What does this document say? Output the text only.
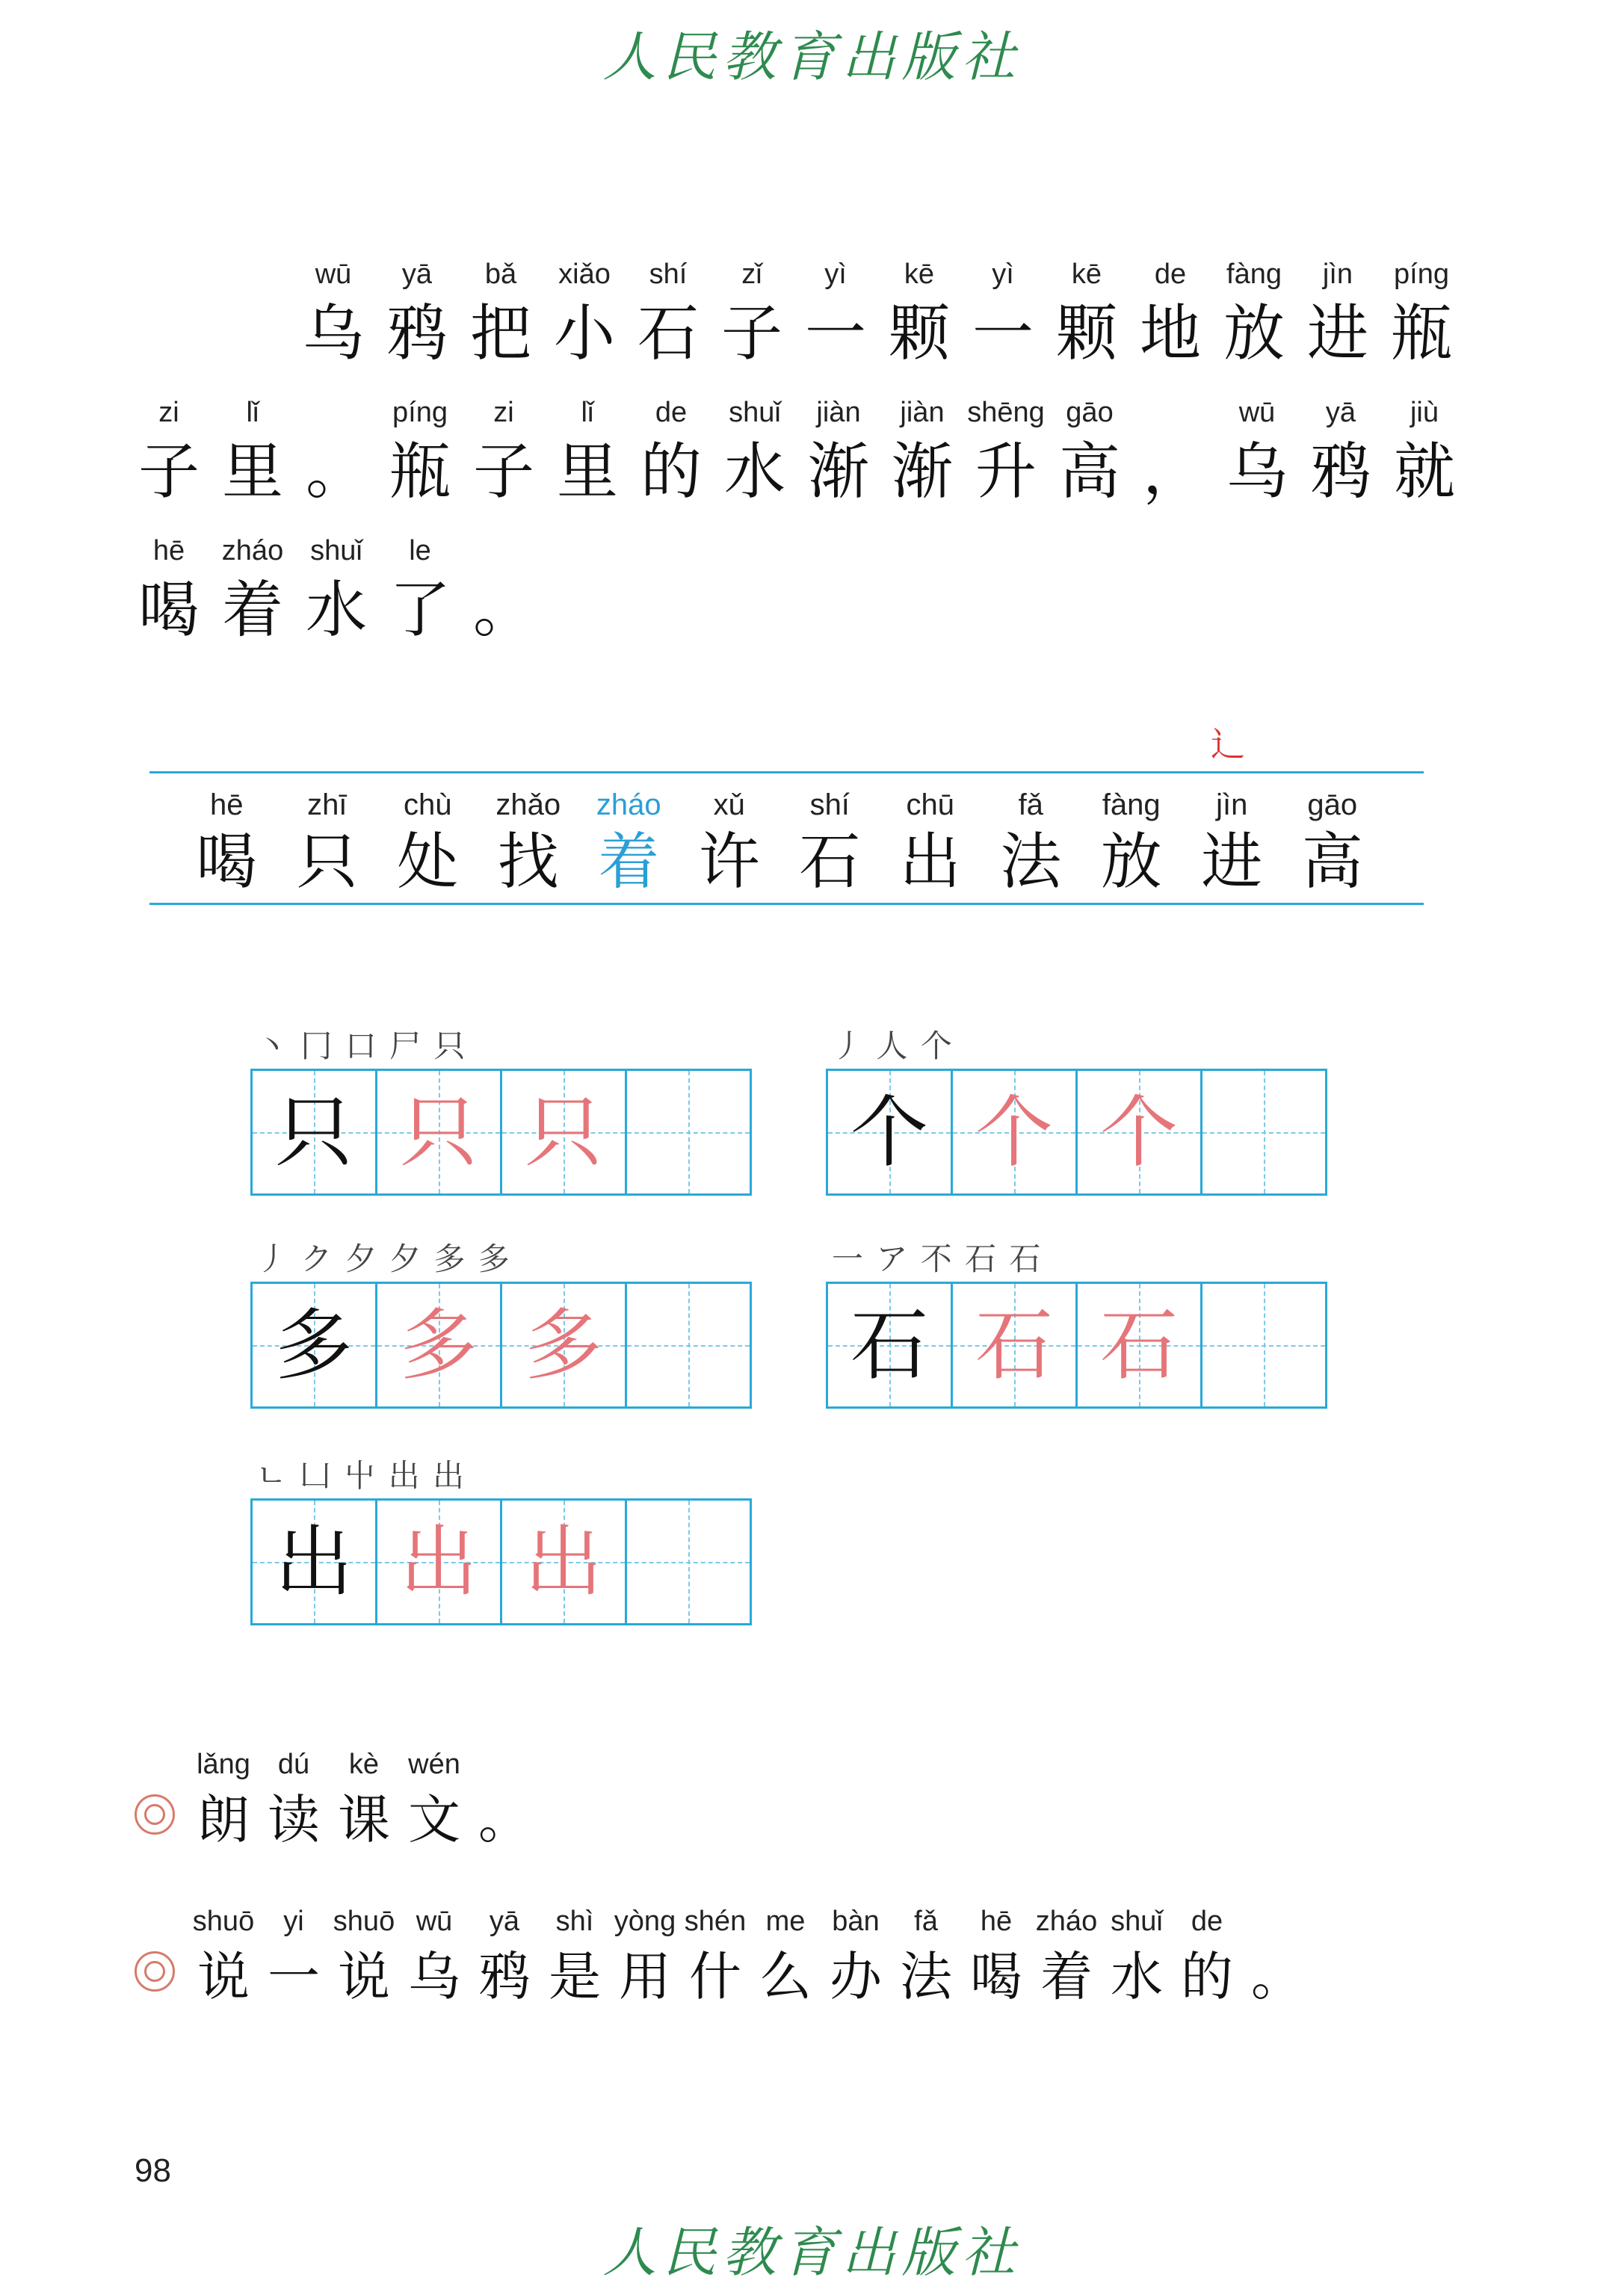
人民教育出版社
wū
乌
yā
鸦
bǎ
把
xiǎo
小
shí
石
zǐ
子
yì
一
kē
颗
yì
一
kē
颗
de
地
fàng
放
jìn
进
píng
瓶
zi
子
lǐ
里 。
píng
瓶
zi
子
lǐ
里
de
的
shuǐ
水
jiàn
渐
jiàn
渐
shēng
升
gāo
高 ，
wū
乌
yā
鸦
jiù
就
hē
喝
zháo
着
shuǐ
水
le
了 。
辶
hē
喝
zhī
只
chù
处
zhǎo
找
zháo
着
xǔ
许
shí
石
chū
出
fǎ
法
fàng
放
jìn
进
gāo
高
丶 冂 口 尸 只
只 只 只
丿 人 个
个 个 个
丿 ク 夕 夕 多 多
多 多 多
一 ア 不 石 石
石 石 石
ㄴ 凵 屮 出 出
出 出 出
lǎng
朗
dú
读
kè
课
wén
文 。
shuō
说
yi
一
shuō
说
wū
乌
yā
鸦
shì
是
yòng
用
shén
什
me
么
bàn
办
fǎ
法
hē
喝
zháo
着
shuǐ
水
de
的 。
98
人民教育出版社
